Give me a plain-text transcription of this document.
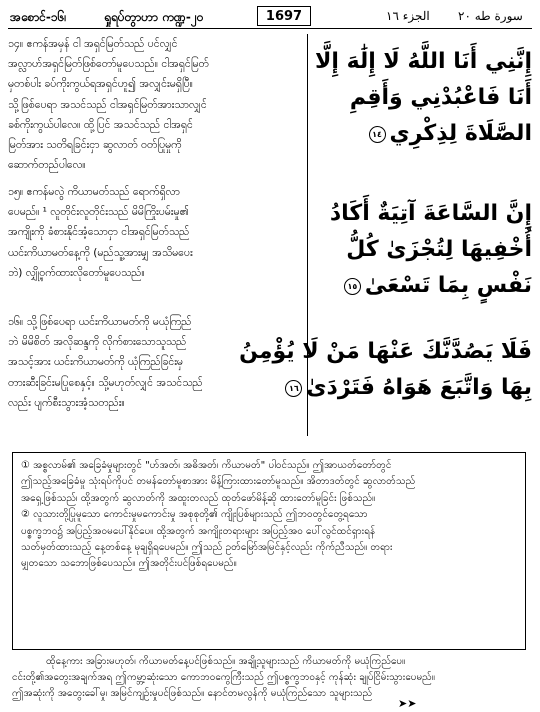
အစောင်-၁၆၊	ရှုရပ်တွာဟာ ကဏ္ဍ-၂၀	1697	الجزء ١٦ سورة طه ٢٠

၁၄။ ဧကန်အမှန် ငါ အရှင်မြတ်သည် ပင်လျှင်

အလ္လာဟ်အရှင်မြတ်ဖြစ်တော်မူပေသည်။ ငါအရှင်မြတ်

မှတစ်ပါး ခပ်ကိုးကွယ်ရအရှင်ဟူ၍ အလျှင်းမရှိပြီ။

သို့ဖြစ်ပေရာ အသင်သည် ငါအရှင်မြတ်အားသာလျှင်

ခစ်ကိုးကွယ်ပါလေ။ ထို့ပြင် အသင်သည် ငါအရှင်

မြတ်အား သတိရခြင်းငှာ ဆွလာတ် ဝတ်ပြုမှုကို

ဆောက်တည်ပါလေ။

إِنَّنِي أَنَا اللَّهُ لَا إِلَٰهَ إِلَّا

أَنَا فَاعْبُدْنِي وَأَقِمِ

الصَّلَاةَ لِذِكْرِي١٤

၁၅။ ဧကန်မလွဲ ကိယာမတ်သည် ရောက်ရှိလာ

ပေမည်။ ¹ လူတိုင်းလူတိုင်းသည် မိမိကြိုးပမ်းမှု၏

အကျိုးကို ခံစားနိုင်အံ့သောငှာ ငါအရှင်မြတ်သည်

ယင်းကိယာမတ်နေ့ကို (မည်သူ့အားမျှ အသိမပေး

ဘဲ) လျှို့ဝှက်ထားလိုတော်မူပေသည်။

إِنَّ السَّاعَةَ آتِيَةٌ أَكَادُ

أُخْفِيهَا لِتُجْزَىٰ كُلُّ

نَفْسٍ بِمَا تَسْعَىٰ١٥

၁၆။ သို့ဖြစ်ပေရာ ယင်းကိယာမတ်ကို မယုံကြည်

ဘဲ မိမိစိတ် အလိုဆန္ဒကို လိုက်စားသောသူသည်

အသင့်အား ယင်းကိယာမတ်ကို ယုံကြည်ခြင်းမှ

တားဆီးခြင်းမပြုစေနှင့်။ သို့မဟုတ်လျှင် အသင်သည်

လည်း ပျက်စီးသွားအံ့သတည်း။

فَلَا يَصُدَّنَّكَ عَنْهَا مَنْ لَا يُؤْمِنُ

بِهَا وَاتَّبَعَ هَوَاهُ فَتَرْدَىٰ١٦

① အစ္စလာမ်၏ အခြေခံမှုများတွင် "ဟ်အတ်၊ အဓိအတ်၊ ကိယာမတ်" ပါဝင်သည်။ ဤအာယတ်တော်တွင်

ဤသည့်အခြေခံမှု သုံးရပ်ကိုပင် တမန်တော်မူစာအား မိန့်ကြားထားတော်မူသည်။ အိတာဒတ်တွင် ဆွလာတ်သည်

အရှေ့ဖြစ်သည်၊ ထို့အတွက် ဆွလာတ်ကို အထူးတလည် ထုတ်ဖော်မိန့်ဆို ထားတော်မူခြင်း ဖြစ်သည်။

② လူသားတို့ပြုမူသော ကောင်းမှုမကောင်းမှု အစုစုတို့၏ ကျိုးပြစ်များသည် ဤဘဝတွင်တွေ့ရသော

ပစ္စက္ခဘဝ၌ အပြည့်အဝမပေါ်နိုင်ပေ။ ထို့အတွက် အကျိုးတရားများ အပြည့်အဝ ပေါ်လွင်ထင်ရှားရန်

သတ်မှတ်ထားသည့် နေ့တစ်နေ့ မုချရှိရပေမည်။ ဤသည် ဥတ်မြော်အမြင်နှင့်လည်း ကိုက်ညီသည်။ တရား

မျှတသော သဘောဖြစ်ပေသည်။ ဤအတိုင်းပင်ဖြစ်ရပေမည်။

ထိုနေ့ကား အခြားမဟုတ်၊ ကိယာမတ်နေ့ပင်ဖြစ်သည်။ အချို့သူများသည် ကိယာမတ်ကို မယုံကြည်ပေ။

ငင်းတို့၏အတွေးအချက်အရ ဤကမ္ဘာ့ဆုံးသော ကောဘဝကွေကြီးသည် ဤပစ္စက္ခဘဝနှင့် ကုန်ဆုံး ချုပ်ငြိမ်းသွားပေမည်။

ဤအဆုံးကို အတွေးခေါ်မှု၊ အမြင်ကျဉ်းမှုပင်ဖြစ်သည်။ နောင်တမလွန်ကို မယုံကြည်သော သူများသည်

➤➤
